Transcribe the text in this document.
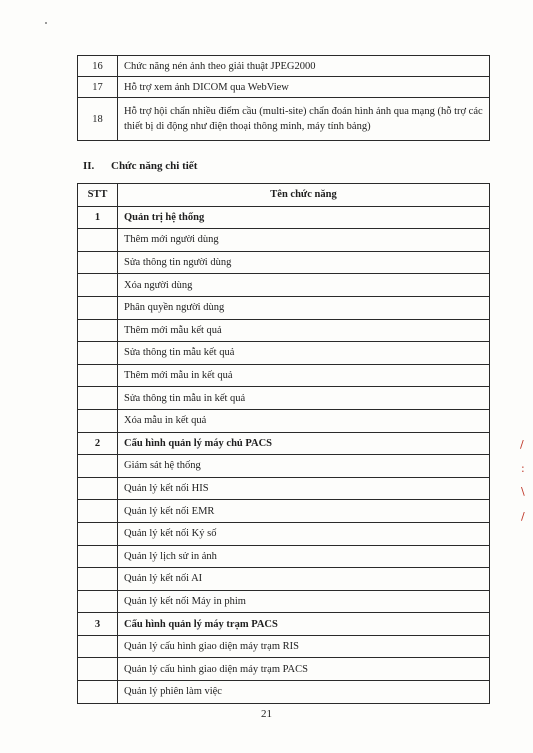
16	Chức năng nén ảnh theo giải thuật JPEG2000
17	Hỗ trợ xem ảnh DICOM qua WebView
18	Hỗ trợ hội chẩn nhiều điểm cầu (multi-site) chẩn đoán hình ảnh qua mạng (hỗ trợ các thiết bị di động như điện thoại thông minh, máy tính bảng)
II. Chức năng chi tiết
STT	Tên chức năng
1	Quản trị hệ thống
	Thêm mới người dùng
	Sửa thông tin người dùng
	Xóa người dùng
	Phân quyền người dùng
	Thêm mới mẫu kết quả
	Sửa thông tin mẫu kết quả
	Thêm mới mẫu in kết quả
	Sửa thông tin mẫu in kết quả
	Xóa mẫu in kết quả
2	Cấu hình quản lý máy chủ PACS
	Giám sát hệ thống
	Quản lý kết nối HIS
	Quản lý kết nối EMR
	Quản lý kết nối Ký số
	Quản lý lịch sử in ảnh
	Quản lý kết nối AI
	Quản lý kết nối Máy in phim
3	Cấu hình quản lý máy trạm PACS
	Quản lý cấu hình giao diện máy trạm RIS
	Quản lý cấu hình giao diện máy trạm PACS
	Quản lý phiên làm việc
/
:
\
/
21
